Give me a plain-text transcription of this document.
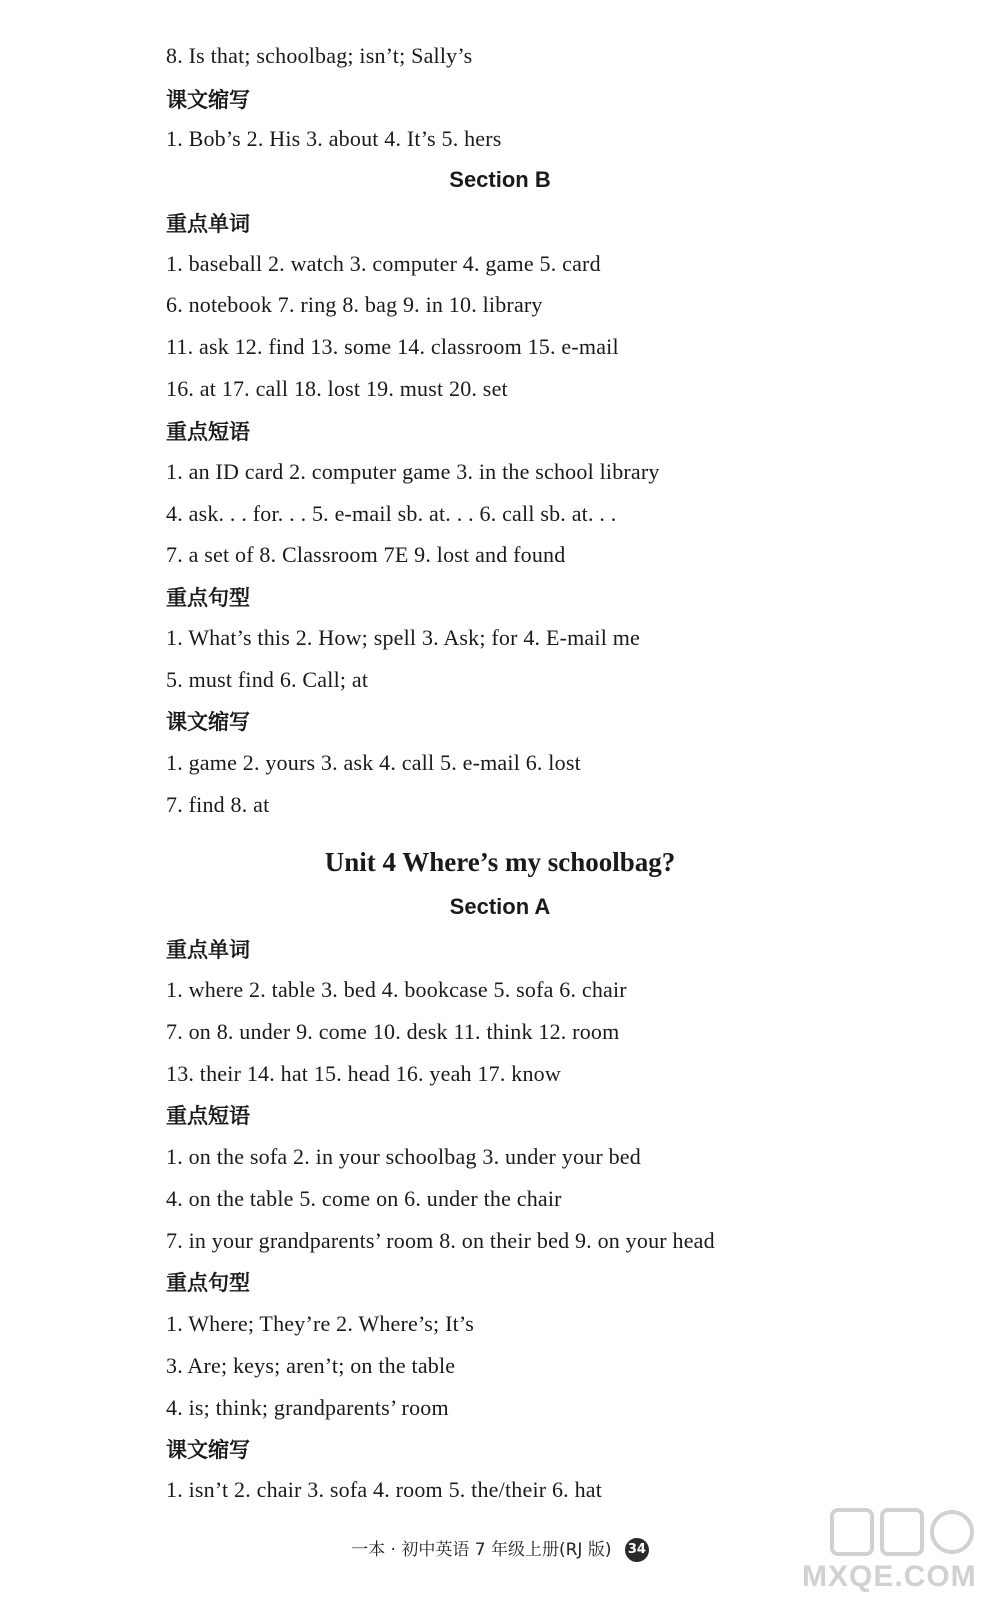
8. Is that; schoolbag; isn’t; Sally’s
课文缩写
1. Bob’s 2. His 3. about 4. It’s 5. hers
Section B
重点单词
1. baseball 2. watch 3. computer 4. game 5. card
6. notebook 7. ring 8. bag 9. in 10. library
11. ask 12. find 13. some 14. classroom 15. e-mail
16. at 17. call 18. lost 19. must 20. set
重点短语
1. an ID card 2. computer game 3. in the school library
4. ask. . . for. . . 5. e-mail sb. at. . . 6. call sb. at. . .
7. a set of 8. Classroom 7E 9. lost and found
重点句型
1. What’s this 2. How; spell 3. Ask; for 4. E-mail me
5. must find 6. Call; at
课文缩写
1. game 2. yours 3. ask 4. call 5. e-mail 6. lost
7. find 8. at
Unit 4 Where’s my schoolbag?
Section A
重点单词
1. where 2. table 3. bed 4. bookcase 5. sofa 6. chair
7. on 8. under 9. come 10. desk 11. think 12. room
13. their 14. hat 15. head 16. yeah 17. know
重点短语
1. on the sofa 2. in your schoolbag 3. under your bed
4. on the table 5. come on 6. under the chair
7. in your grandparents’ room 8. on their bed 9. on your head
重点句型
1. Where; They’re 2. Where’s; It’s
3. Are; keys; aren’t; on the table
4. is; think; grandparents’ room
课文缩写
1. isn’t 2. chair 3. sofa 4. room 5. the/their 6. hat
一本 · 初中英语 7 年级上册(RJ 版) 34
MXQE.COM
